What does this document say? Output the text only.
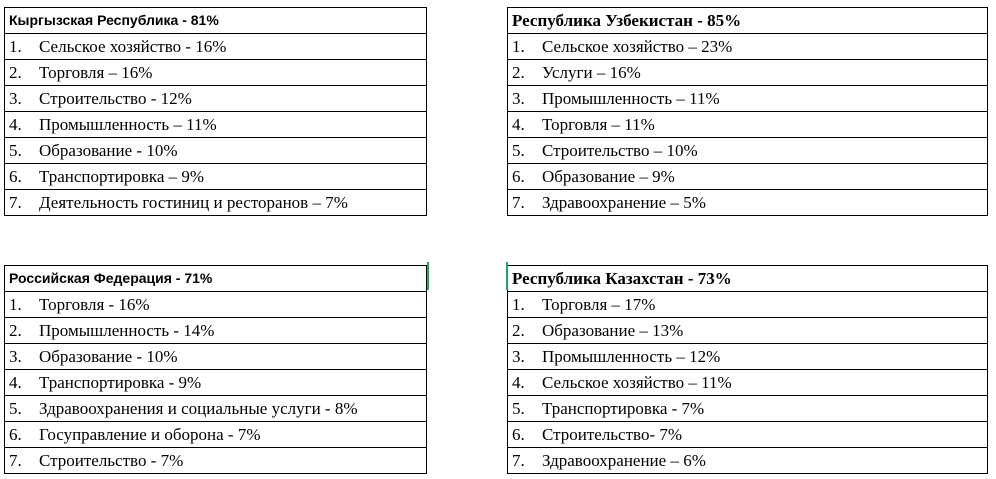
Кыргызская Республика - 81%
1. Сельское хозяйство - 16%
2. Торговля – 16%
3. Строительство - 12%
4. Промышленность – 11%
5. Образование - 10%
6. Транспортировка – 9%
7. Деятельность гостиниц и ресторанов – 7%
Республика Узбекистан - 85%
1. Сельское хозяйство – 23%
2. Услуги – 16%
3. Промышленность – 11%
4. Торговля – 11%
5. Строительство – 10%
6. Образование – 9%
7. Здравоохранение – 5%
Российская Федерация - 71%
1. Торговля - 16%
2. Промышленность - 14%
3. Образование - 10%
4. Транспортировка - 9%
5. Здравоохранения и социальные услуги - 8%
6. Госуправление и оборона - 7%
7. Строительство - 7%
Республика Казахстан - 73%
1. Торговля – 17%
2. Образование – 13%
3. Промышленность – 12%
4. Сельское хозяйство – 11%
5. Транспортировка - 7%
6. Строительство- 7%
7. Здравоохранение – 6%
